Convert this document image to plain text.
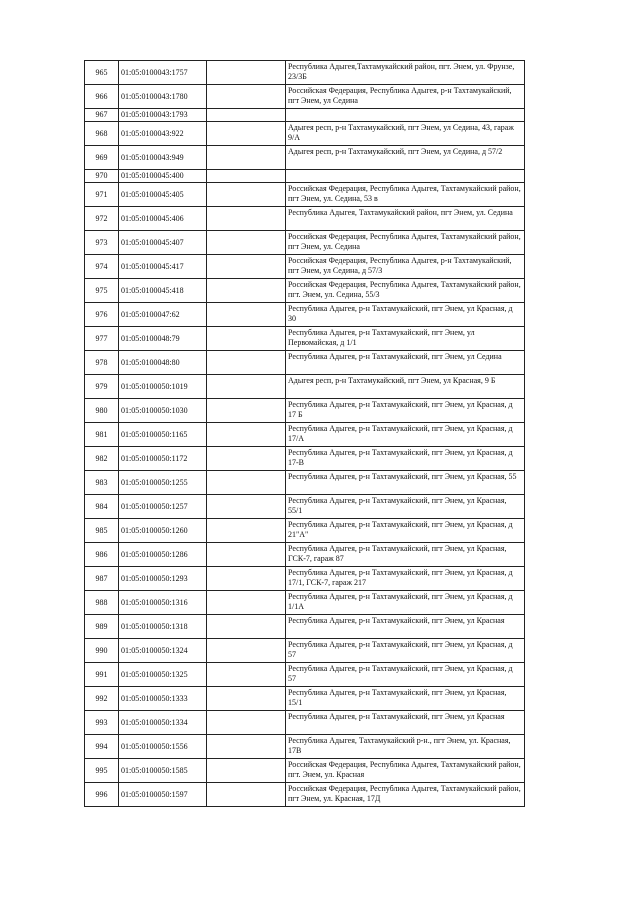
965	01:05:0100043:1757		Республика Адыгея,Тахтамукайский район, пгт. Энем, ул. Фрунзе, 23/3Б
966	01:05:0100043:1780		Российская Федерация, Республика Адыгея, р-н Тахтамукайский, пгт Энем, ул Седина
967	01:05:0100043:1793		
968	01:05:0100043:922		Адыгея респ, р-н Тахтамукайский, пгт Энем, ул Седина, 43, гараж 9/А
969	01:05:0100043:949		Адыгея респ, р-н Тахтамукайский, пгт Энем, ул Седина, д 57/2
970	01:05:0100045:400		
971	01:05:0100045:405		Российская Федерация, Республика Адыгея, Тахтамукайский район, пгт Энем, ул. Седина, 53 в
972	01:05:0100045:406		Республика Адыгея, Тахтамукайский район, пгт Энем, ул. Седина
973	01:05:0100045:407		Российская Федерация, Республика Адыгея, Тахтамукайский район, пгт Энем, ул. Седина
974	01:05:0100045:417		Российская Федерация, Республика Адыгея, р-н Тахтамукайский, пгт Энем, ул Седина, д 57/3
975	01:05:0100045:418		Российская Федерация, Республика Адыгея, Тахтамукайский район, пгт. Энем, ул. Седина, 55/3
976	01:05:0100047:62		Республика Адыгея, р-н Тахтамукайский, пгт Энем, ул Красная, д 30
977	01:05:0100048:79		Республика Адыгея, р-н Тахтамукайский, пгт Энем, ул Первомайская, д 1/1
978	01:05:0100048:80		Республика Адыгея, р-н Тахтамукайский, пгт Энем, ул Седина
979	01:05:0100050:1019		Адыгея респ, р-н Тахтамукайский, пгт Энем, ул Красная, 9 Б
980	01:05:0100050:1030		Республика Адыгея, р-н Тахтамукайский, пгт Энем, ул Красная, д 17 Б
981	01:05:0100050:1165		Республика Адыгея, р-н Тахтамукайский, пгт Энем, ул Красная, д 17/А
982	01:05:0100050:1172		Республика Адыгея, р-н Тахтамукайский, пгт Энем, ул Красная, д 17-В
983	01:05:0100050:1255		Республика Адыгея, р-н Тахтамукайский, пгт Энем, ул Красная, 55
984	01:05:0100050:1257		Республика Адыгея, р-н Тахтамукайский, пгт Энем, ул Красная, 55/1
985	01:05:0100050:1260		Республика Адыгея, р-н Тахтамукайский, пгт Энем, ул Красная, д 21"А"
986	01:05:0100050:1286		Республика Адыгея, р-н Тахтамукайский, пгт Энем, ул Красная, ГСК-7, гараж 87
987	01:05:0100050:1293		Республика Адыгея, р-н Тахтамукайский, пгт Энем, ул Красная, д 17/1, ГСК-7, гараж 217
988	01:05:0100050:1316		Республика Адыгея, р-н Тахтамукайский, пгт Энем, ул Красная, д 1/1А
989	01:05:0100050:1318		Республика Адыгея, р-н Тахтамукайский, пгт Энем, ул Красная
990	01:05:0100050:1324		Республика Адыгея, р-н Тахтамукайский, пгт Энем, ул Красная, д 57
991	01:05:0100050:1325		Республика Адыгея, р-н Тахтамукайский, пгт Энем, ул Красная, д 57
992	01:05:0100050:1333		Республика Адыгея, р-н Тахтамукайский, пгт Энем, ул Красная, 15/1
993	01:05:0100050:1334		Республика Адыгея, р-н Тахтамукайский, пгт Энем, ул Красная
994	01:05:0100050:1556		Республика Адыгея, Тахтамукайский р-н., пгт Энем, ул. Красная, 17В
995	01:05:0100050:1585		Российская Федерация, Республика Адыгея, Тахтамукайский район, пгт. Энем, ул. Красная
996	01:05:0100050:1597		Российская Федерация, Республика Адыгея, Тахтамукайский район, пгт Энем, ул. Красная, 17Д
